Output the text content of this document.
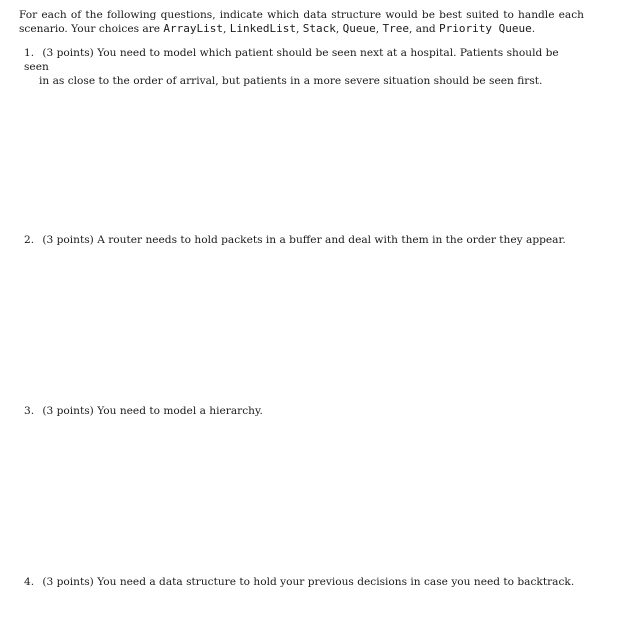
For each of the following questions, indicate which data structure would be best suited to handle each scenario. Your choices are ArrayList, LinkedList, Stack, Queue, Tree, and Priority Queue.
1. (3 points) You need to model which patient should be seen next at a hospital. Patients should be seen
in as close to the order of arrival, but patients in a more severe situation should be seen first.
2. (3 points) A router needs to hold packets in a buffer and deal with them in the order they appear.
3. (3 points) You need to model a hierarchy.
4. (3 points) You need a data structure to hold your previous decisions in case you need to backtrack.
